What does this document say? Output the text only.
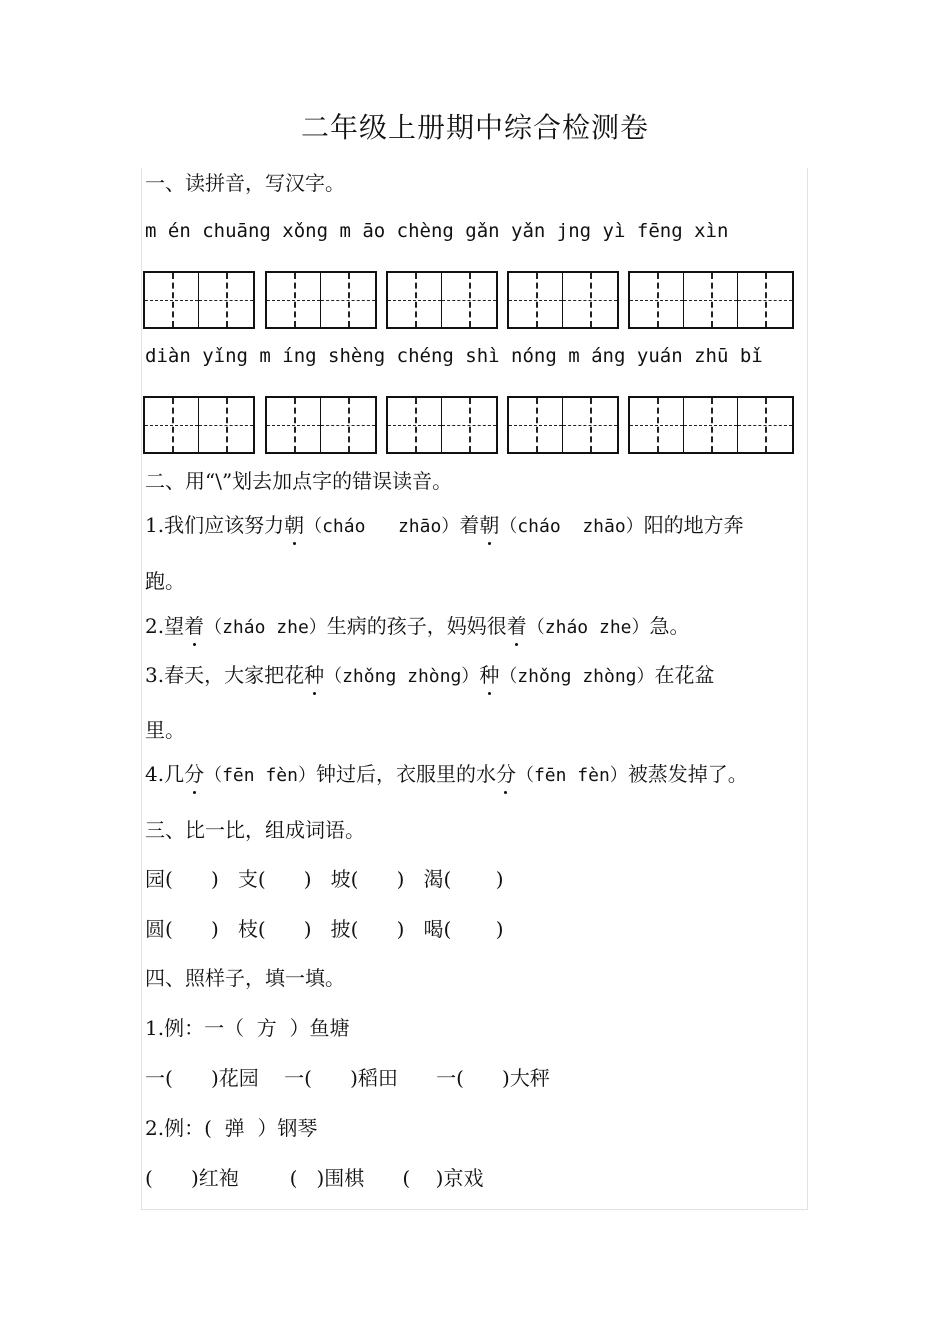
二年级上册期中综合检测卷
一、读拼音，写汉字。
m én chuāng xǒng m āo chèng gǎn yǎn jng yì fēng xìn
diàn yǐng m íng shèng chéng shì nóng m áng yuán zhū bǐ
二、用“\”划去加点字的错误读音。
1.我们应该努力朝（cháo   zhāo）着朝（cháo  zhāo）阳的地方奔
跑。
2.望着（zháo zhe）生病的孩子，妈妈很着（zháo zhe）急。
3.春天，大家把花种（zhǒng zhòng）种（zhǒng zhòng）在花盆
里。
4.几分（fēn fèn）钟过后，衣服里的水分（fēn fèn）被蒸发掉了。
三、比一比，组成词语。
园(      )   支(      )   坡(      )   渴(       )
圆(      )   枝(      )   披(      )   喝(       )
四、照样子，填一填。
1.例：一（  方  ）鱼塘
一(      )花园    一(      )稻田      一(      )大秤
2.例：(  弹  ）钢琴
(      )红袍        (   )围棋      (    )京戏
